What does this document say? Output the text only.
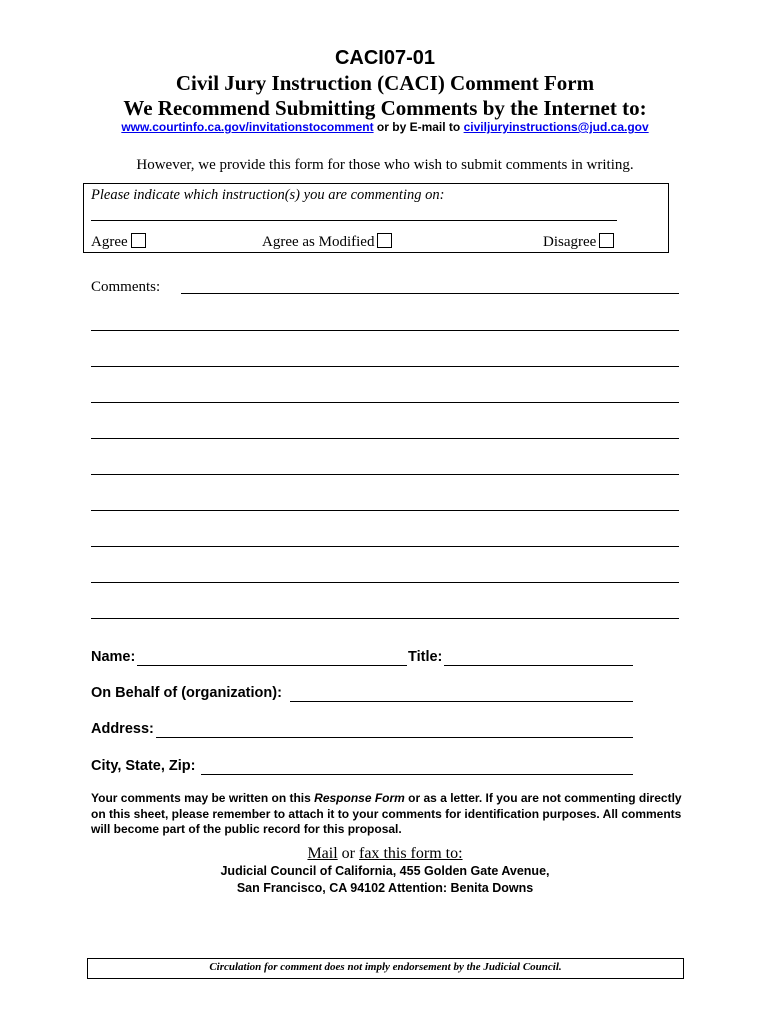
CACI07-01
Civil Jury Instruction (CACI) Comment Form
We Recommend Submitting Comments by the Internet to:
www.courtinfo.ca.gov/invitationstocomment or by E-mail to civiljuryinstructions@jud.ca.gov
However, we provide this form for those who wish to submit comments in writing.
Please indicate which instruction(s) you are commenting on:
Agree	Agree as Modified	Disagree
Comments:
Name:	Title:
On Behalf of (organization):
Address:
City, State, Zip:
Your comments may be written on this Response Form or as a letter. If you are not commenting directly on this sheet, please remember to attach it to your comments for identification purposes. All comments will become part of the public record for this proposal.
Mail or fax this form to:
Judicial Council of California, 455 Golden Gate Avenue,
San Francisco, CA 94102 Attention: Benita Downs
Circulation for comment does not imply endorsement by the Judicial Council.
